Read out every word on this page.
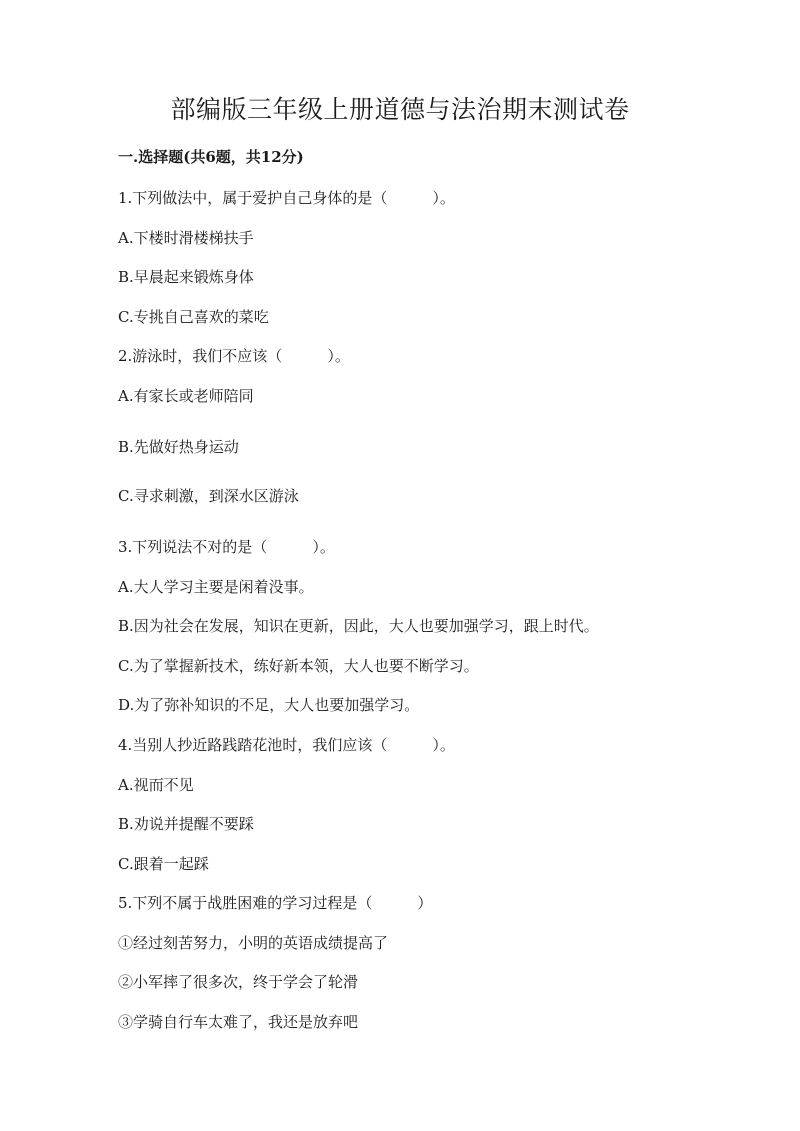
部编版三年级上册道德与法治期末测试卷
一.选择题(共6题，共12分)
1.下列做法中，属于爱护自己身体的是（　　　）。
A.下楼时滑楼梯扶手
B.早晨起来锻炼身体
C.专挑自己喜欢的菜吃
2.游泳时，我们不应该（　　　）。
A.有家长或老师陪同
B.先做好热身运动
C.寻求刺激，到深水区游泳
3.下列说法不对的是（　　　）。
A.大人学习主要是闲着没事。
B.因为社会在发展，知识在更新，因此，大人也要加强学习，跟上时代。
C.为了掌握新技术，练好新本领，大人也要不断学习。
D.为了弥补知识的不足，大人也要加强学习。
4.当别人抄近路践踏花池时，我们应该（　　　）。
A.视而不见
B.劝说并提醒不要踩
C.跟着一起踩
5.下列不属于战胜困难的学习过程是（　　　）
①经过刻苦努力，小明的英语成绩提高了
②小军摔了很多次，终于学会了轮滑
③学骑自行车太难了，我还是放弃吧
